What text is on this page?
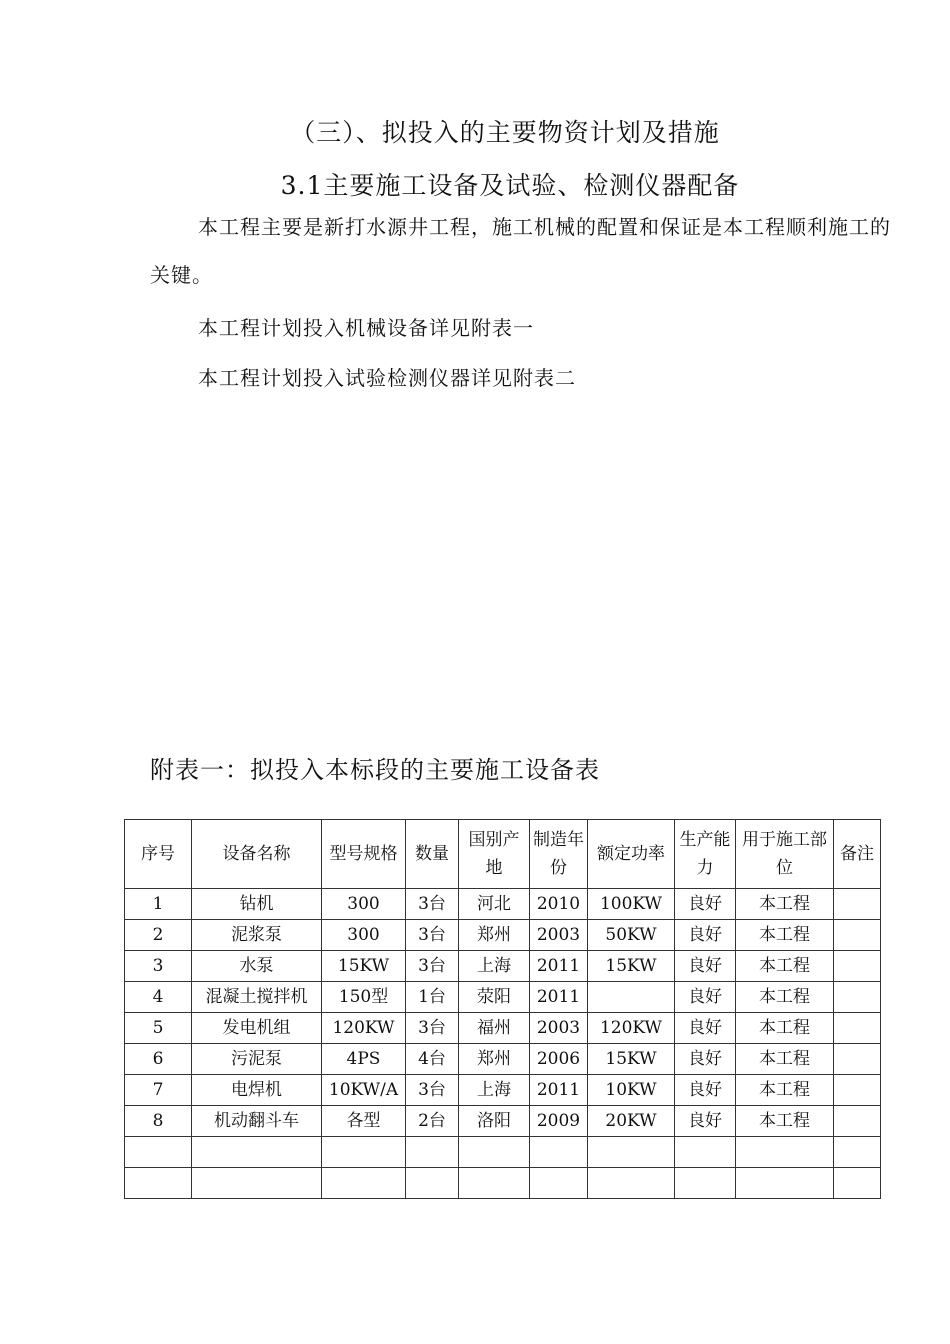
（三）、拟投入的主要物资计划及措施
3.1主要施工设备及试验、检测仪器配备
本工程主要是新打水源井工程，施工机械的配置和保证是本工程顺利施工的关键。
本工程计划投入机械设备详见附表一
本工程计划投入试验检测仪器详见附表二
附表一：拟投入本标段的主要施工设备表
序号	设备名称	型号规格	数量	国别产地	制造年份	额定功率	生产能力	用于施工部位	备注
1	钻机	300	3台	河北	2010	100KW	良好	本工程	
2	泥浆泵	300	3台	郑州	2003	50KW	良好	本工程	
3	水泵	15KW	3台	上海	2011	15KW	良好	本工程	
4	混凝土搅拌机	150型	1台	荥阳	2011		良好	本工程	
5	发电机组	120KW	3台	福州	2003	120KW	良好	本工程	
6	污泥泵	4PS	4台	郑州	2006	15KW	良好	本工程	
7	电焊机	10KW/A	3台	上海	2011	10KW	良好	本工程	
8	机动翻斗车	各型	2台	洛阳	2009	20KW	良好	本工程	
